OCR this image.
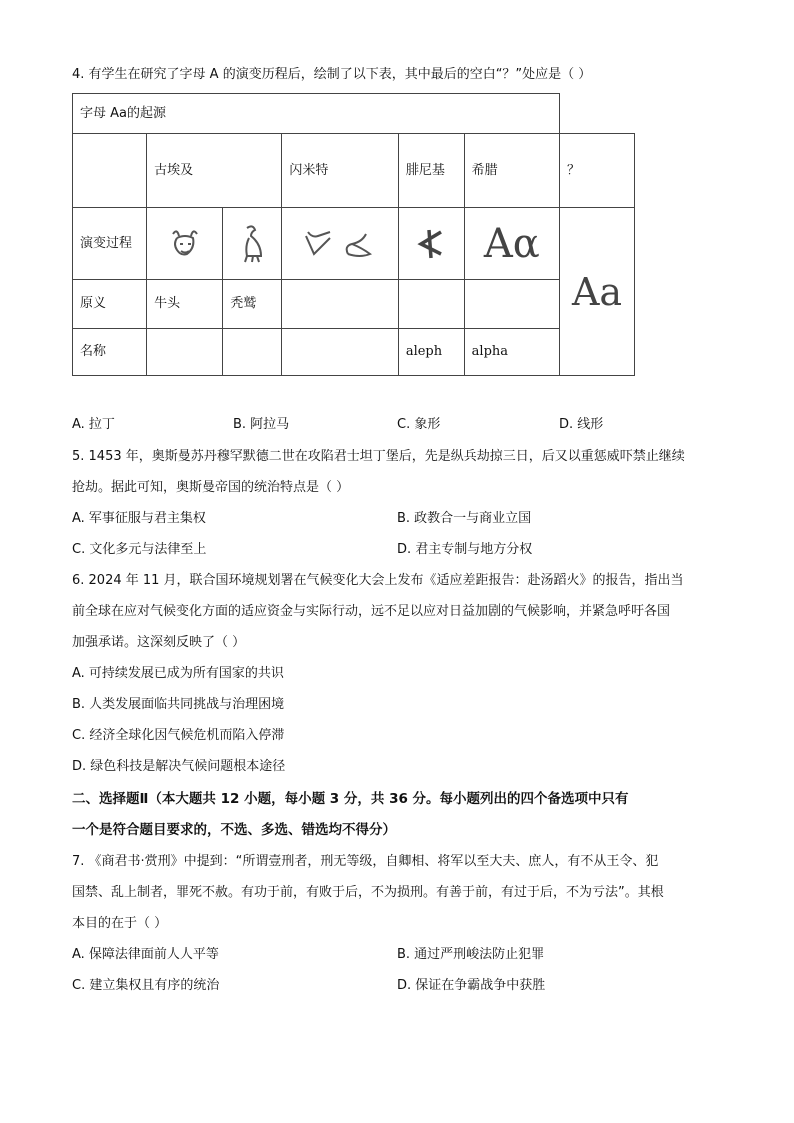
4. 有学生在研究了字母 A 的演变历程后，绘制了以下表，其中最后的空白“？”处应是（ ）
字母 Aa的起源						
	古埃及		闪米特	腓尼基	希腊	？
演变过程					Aα	Aa

原义	牛头	秃鹫				
名称				aleph	alpha	
A. 拉丁	B. 阿拉马	C. 象形	D. 线形
5. 1453 年，奥斯曼苏丹穆罕默德二世在攻陷君士坦丁堡后，先是纵兵劫掠三日，后又以重惩威吓禁止继续
抢劫。据此可知，奥斯曼帝国的统治特点是（ ）
A. 军事征服与君主集权	B. 政教合一与商业立国
C. 文化多元与法律至上	D. 君主专制与地方分权
6. 2024 年 11 月，联合国环境规划署在气候变化大会上发布《适应差距报告：赴汤蹈火》的报告，指出当
前全球在应对气候变化方面的适应资金与实际行动，远不足以应对日益加剧的气候影响，并紧急呼吁各国
加强承诺。这深刻反映了（ ）
A. 可持续发展已成为所有国家的共识
B. 人类发展面临共同挑战与治理困境
C. 经济全球化因气候危机而陷入停滞
D. 绿色科技是解决气候问题根本途径
二、选择题Ⅱ（本大题共 12 小题，每小题 3 分，共 36 分。每小题列出的四个备选项中只有
一个是符合题目要求的，不选、多选、错选均不得分）
7. 《商君书·赏刑》中提到：“所谓壹刑者，刑无等级，自卿相、将军以至大夫、庶人，有不从王令、犯
国禁、乱上制者，罪死不赦。有功于前，有败于后，不为损刑。有善于前，有过于后，不为亏法”。其根
本目的在于（ ）
A. 保障法律面前人人平等	B. 通过严刑峻法防止犯罪
C. 建立集权且有序的统治	D. 保证在争霸战争中获胜
